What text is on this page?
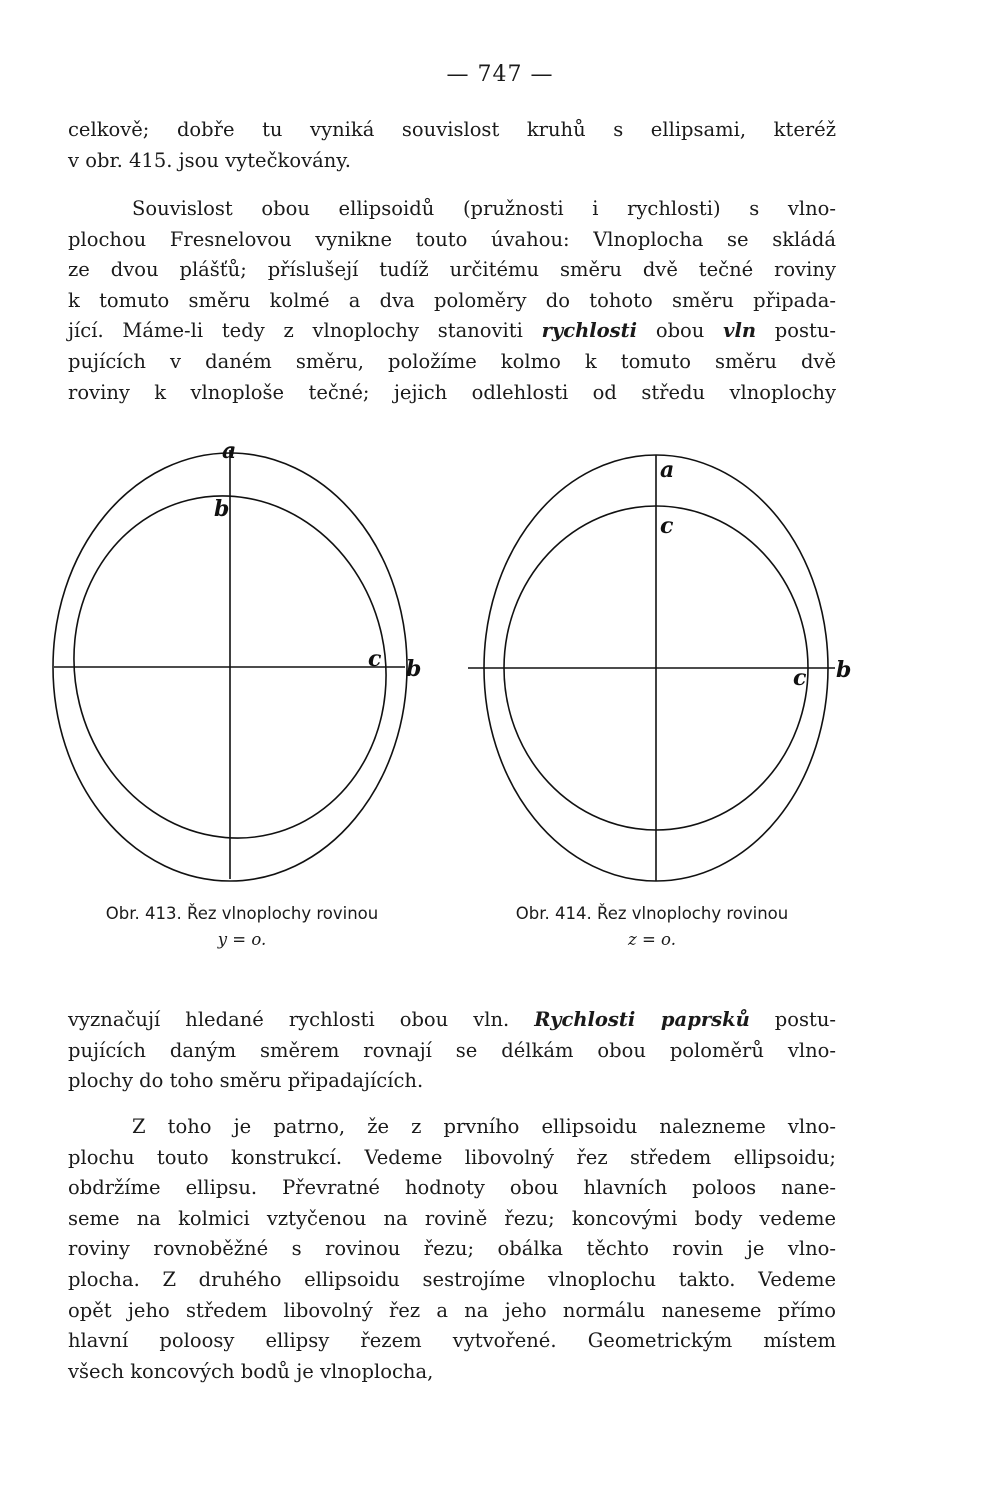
— 747 —

celkově; dobře tu vyniká souvislost kruhů s ellipsami, kteréž
v obr. 415. jsou vytečkovány.

Souvislost obou ellipsoidů (pružnosti i rychlosti) s vlno-
plochou Fresnelovou vynikne touto úvahou: Vlnoplocha se skládá
ze dvou plášťů; příslušejí tudíž určitému směru dvě tečné roviny
k tomuto směru kolmé a dva poloměry do tohoto směru připada-
jící. Máme-li tedy z vlnoplochy stanoviti rychlosti obou vln postu-
pujících v daném směru, položíme kolmo k tomuto směru dvě
roviny k vlnoploše tečné; jejich odlehlosti od středu vlnoplochy

a
b
c b
Obr. 413. Řez vlnoplochy rovinou
y = o.
a
c
c b
Obr. 414. Řez vlnoplochy rovinou
z = o.

vyznačují hledané rychlosti obou vln. Rychlosti paprsků postu-
pujících daným směrem rovnají se délkám obou poloměrů vlno-
plochy do toho směru připadajících.

Z toho je patrno, že z prvního ellipsoidu nalezneme vlno-
plochu touto konstrukcí. Vedeme libovolný řez středem ellipsoidu;
obdržíme ellipsu. Převratné hodnoty obou hlavních poloos nane-
seme na kolmici vztyčenou na rovině řezu; koncovými body vedeme
roviny rovnoběžné s rovinou řezu; obálka těchto rovin je vlno-
plocha. Z druhého ellipsoidu sestrojíme vlnoplochu takto. Vedeme
opět jeho středem libovolný řez a na jeho normálu naneseme přímo
hlavní poloosy ellipsy řezem vytvořené. Geometrickým místem
všech koncových bodů je vlnoplocha,
